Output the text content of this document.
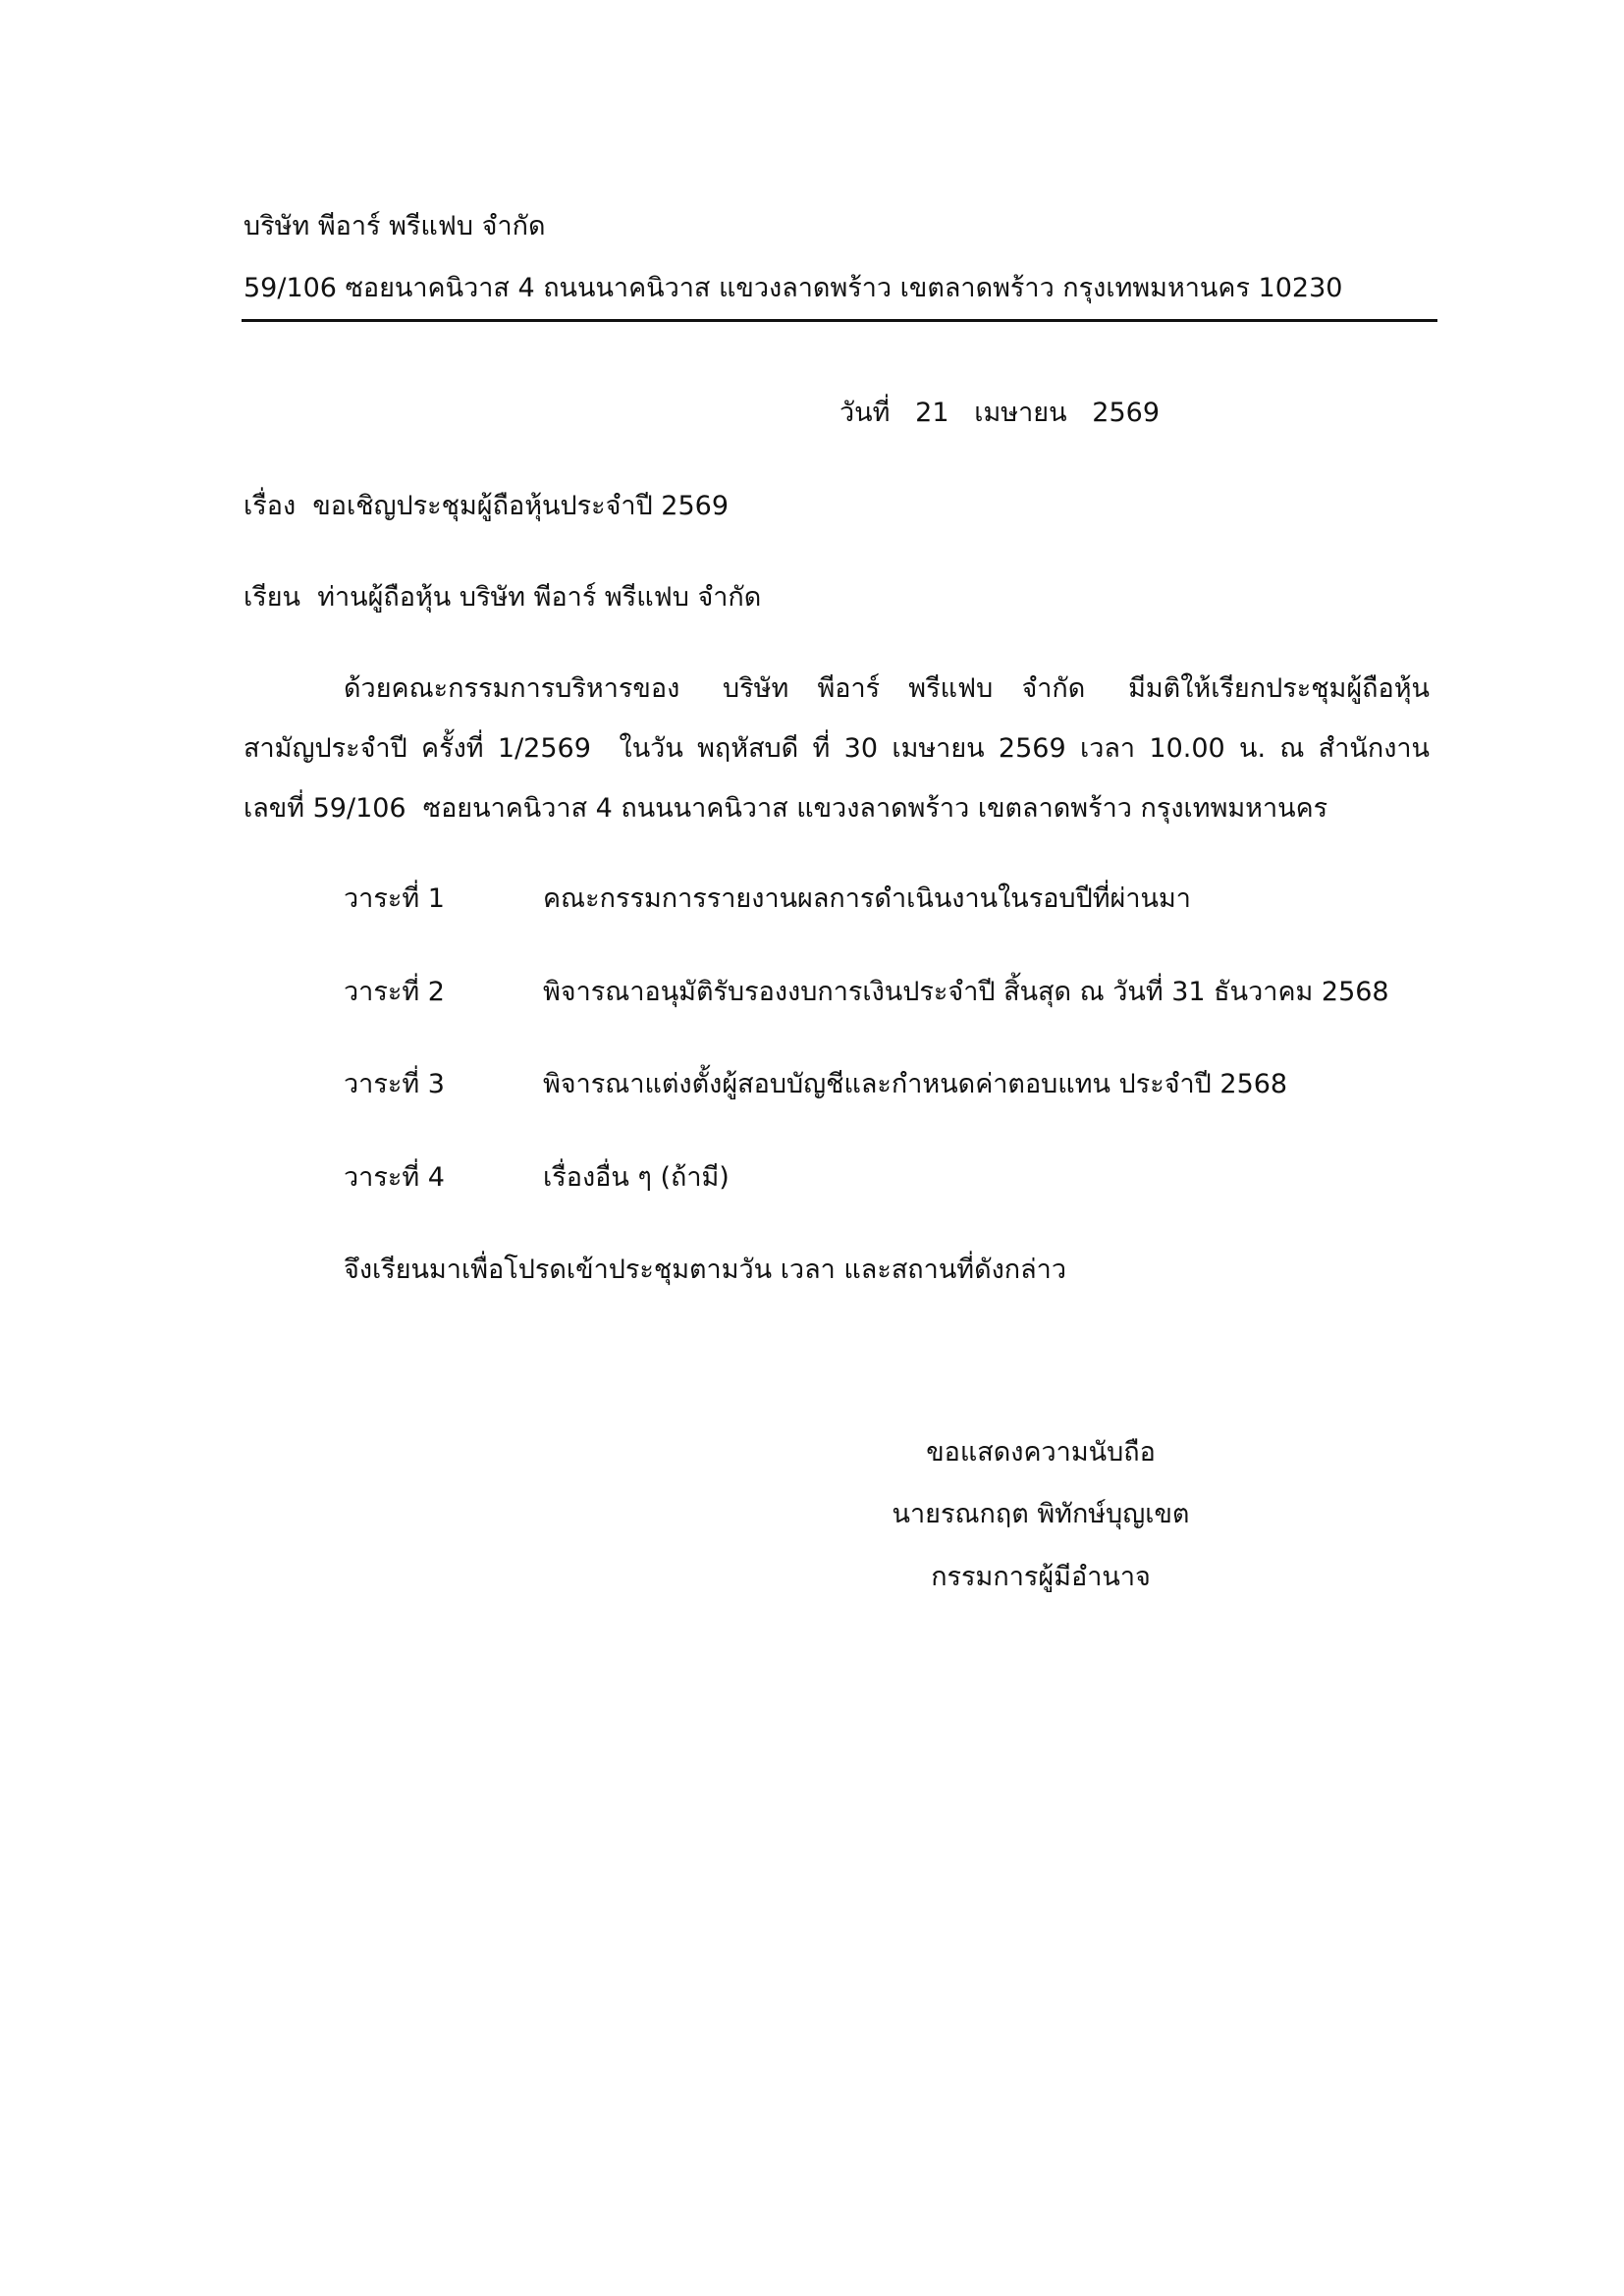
บริษัท พีอาร์ พรีแฟบ จำกัด
59/106 ซอยนาคนิวาส 4 ถนนนาคนิวาส แขวงลาดพร้าว เขตลาดพร้าว กรุงเทพมหานคร 10230
วันที่ 21 เมษายน 2569
เรื่อง ขอเชิญประชุมผู้ถือหุ้นประจำปี 2569
เรียน ท่านผู้ถือหุ้น บริษัท พีอาร์ พรีแฟบ จำกัด
ด้วยคณะกรรมการบริหารของ   บริษัท  พีอาร์  พรีแฟบ  จำกัด   มีมติให้เรียกประชุมผู้ถือหุ้น
สามัญประจำปี ครั้งที่ 1/2569  ในวัน พฤหัสบดี ที่ 30 เมษายน 2569 เวลา 10.00 น. ณ สำนักงาน
เลขที่ 59/106  ซอยนาคนิวาส 4 ถนนนาคนิวาส แขวงลาดพร้าว เขตลาดพร้าว กรุงเทพมหานคร
วาระที่ 1	คณะกรรมการรายงานผลการดำเนินงานในรอบปีที่ผ่านมา
วาระที่ 2	พิจารณาอนุมัติรับรองงบการเงินประจำปี สิ้นสุด ณ วันที่ 31 ธันวาคม 2568
วาระที่ 3	พิจารณาแต่งตั้งผู้สอบบัญชีและกำหนดค่าตอบแทน ประจำปี 2568
วาระที่ 4	เรื่องอื่น ๆ (ถ้ามี)
จึงเรียนมาเพื่อโปรดเข้าประชุมตามวัน เวลา และสถานที่ดังกล่าว
ขอแสดงความนับถือ
นายรณกฤต พิทักษ์บุญเขต
กรรมการผู้มีอำนาจ
